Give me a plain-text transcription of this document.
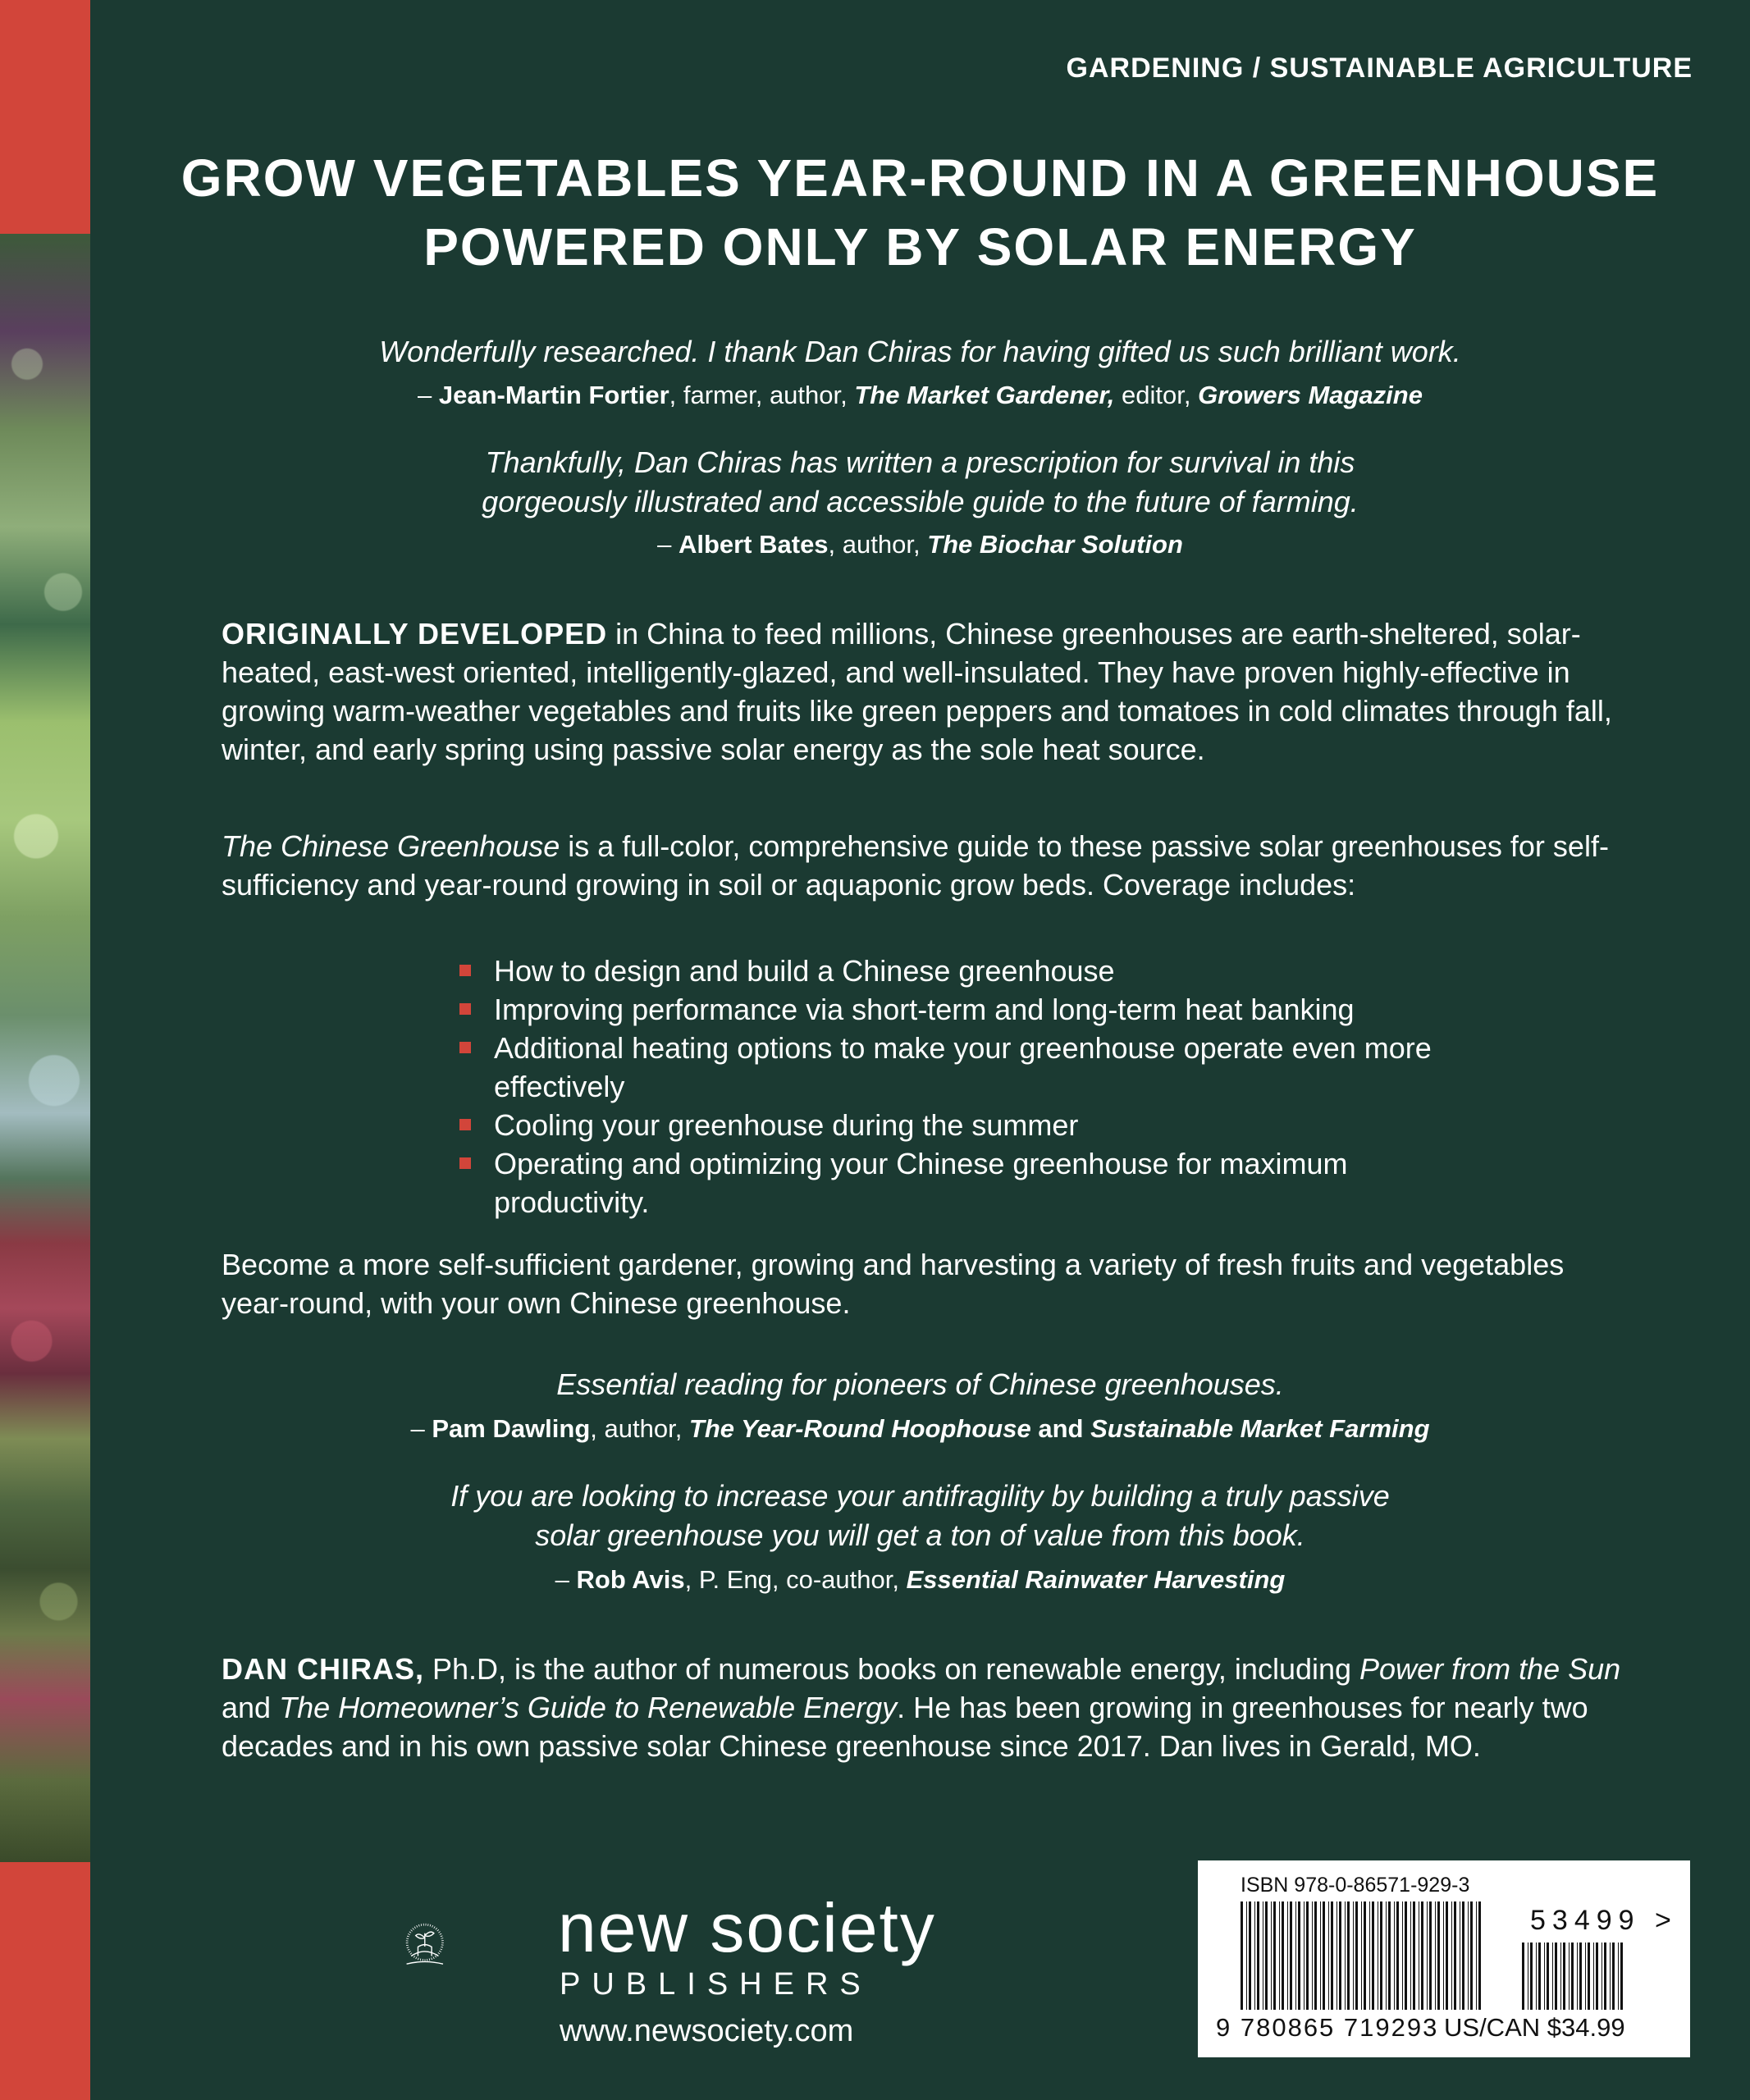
GARDENING / SUSTAINABLE AGRICULTURE
GROW VEGETABLES YEAR-ROUND IN A GREENHOUSE
POWERED ONLY BY SOLAR ENERGY
Wonderfully researched. I thank Dan Chiras for having gifted us such brilliant work.
– Jean-Martin Fortier, farmer, author, The Market Gardener, editor, Growers Magazine
Thankfully, Dan Chiras has written a prescription for survival in this
gorgeously illustrated and accessible guide to the future of farming.
– Albert Bates, author, The Biochar Solution
ORIGINALLY DEVELOPED in China to feed millions, Chinese greenhouses are earth-sheltered, solar-heated, east-west oriented, intelligently-glazed, and well-insulated. They have proven highly-effective in growing warm-weather vegetables and fruits like green peppers and tomatoes in cold climates through fall, winter, and early spring using passive solar energy as the sole heat source.
The Chinese Greenhouse is a full-color, comprehensive guide to these passive solar greenhouses for self-sufficiency and year-round growing in soil or aquaponic grow beds. Coverage includes:
How to design and build a Chinese greenhouse
Improving performance via short-term and long-term heat banking
Additional heating options to make your greenhouse operate even more effectively
Cooling your greenhouse during the summer
Operating and optimizing your Chinese greenhouse for maximum productivity.
Become a more self-sufficient gardener, growing and harvesting a variety of fresh fruits and vegetables year-round, with your own Chinese greenhouse.
Essential reading for pioneers of Chinese greenhouses.
– Pam Dawling, author, The Year-Round Hoophouse and Sustainable Market Farming
If you are looking to increase your antifragility by building a truly passive
solar greenhouse you will get a ton of value from this book.
– Rob Avis, P. Eng, co-author, Essential Rainwater Harvesting
DAN CHIRAS, Ph.D, is the author of numerous books on renewable energy, including Power from the Sun and The Homeowner’s Guide to Renewable Energy. He has been growing in greenhouses for nearly two decades and in his own passive solar Chinese greenhouse since 2017. Dan lives in Gerald, MO.
new society
PUBLISHERS
www.newsociety.com
ISBN 978-0-86571-929-3
53499 >
9 780865 719293 US/CAN $34.99
